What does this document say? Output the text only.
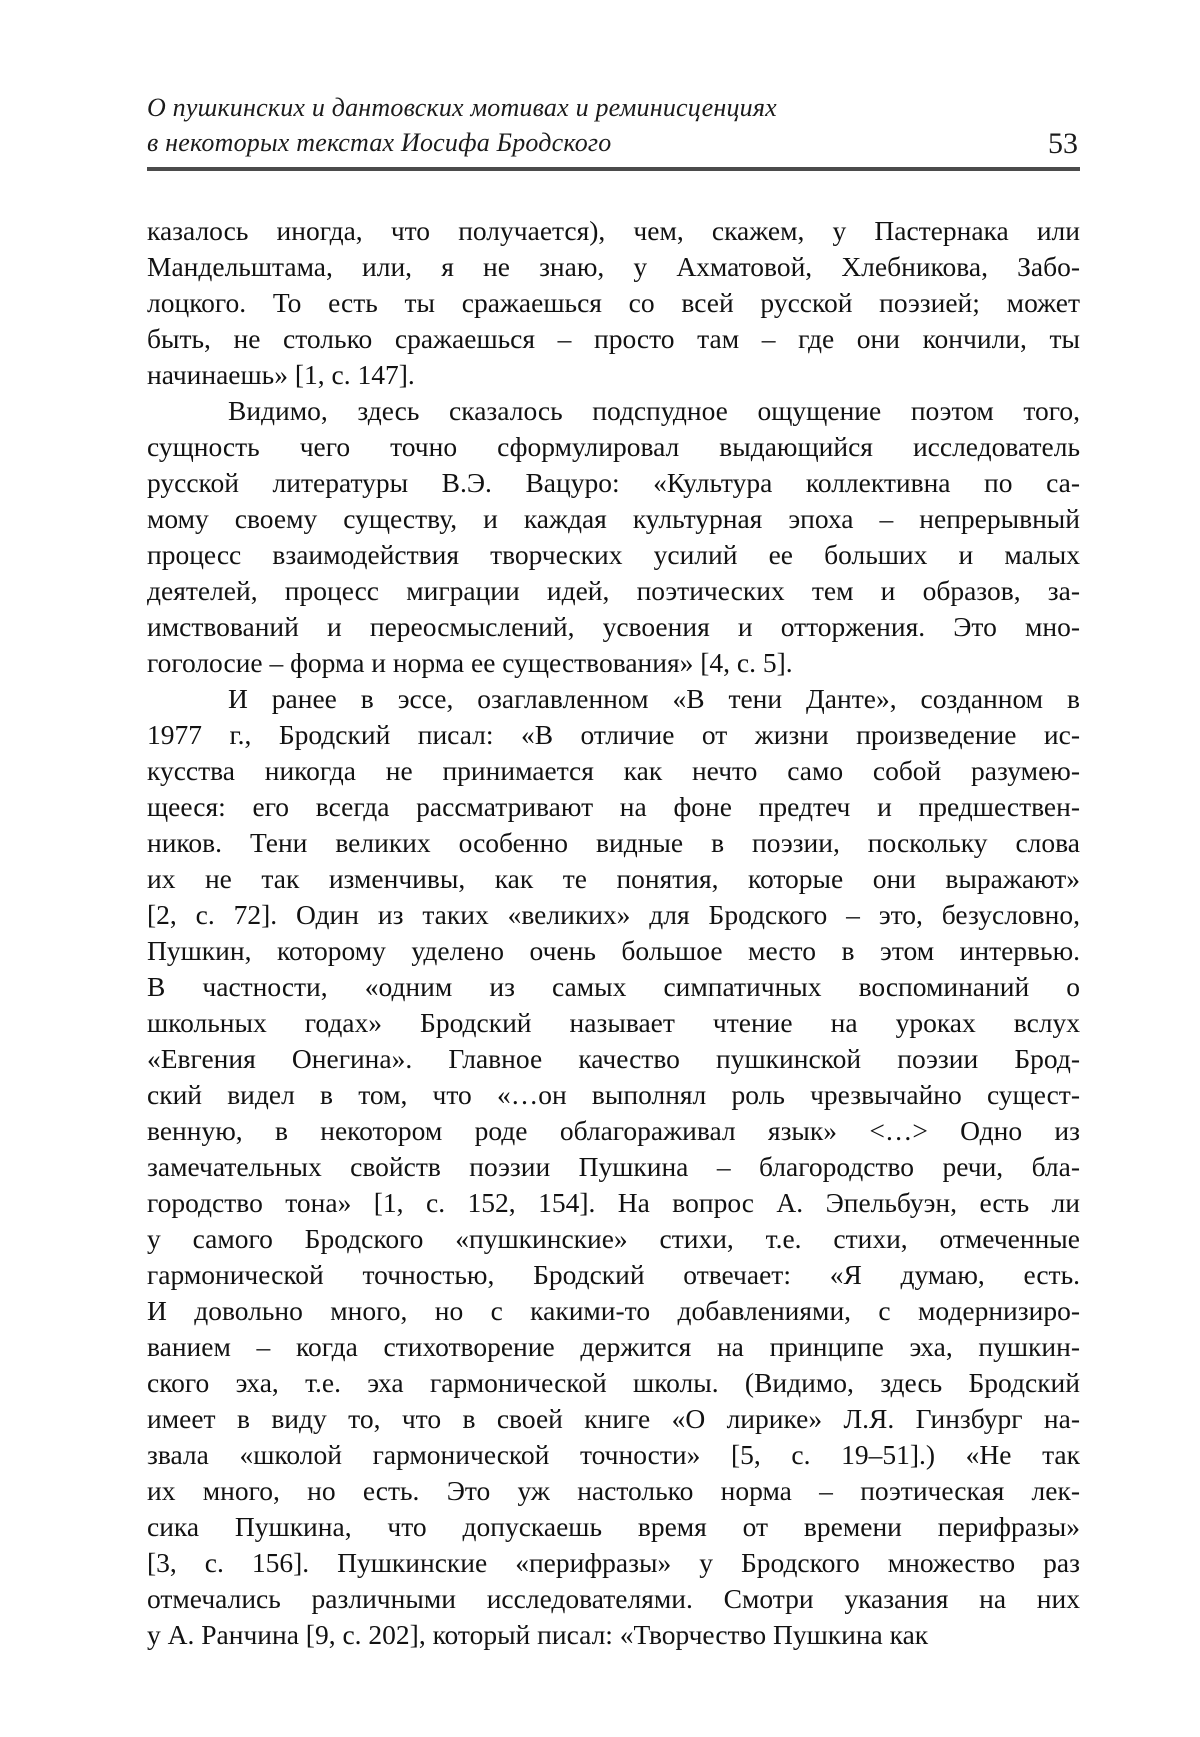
О пушкинских и дантовских мотивах и реминисценциях
в некоторых текстах Иосифа Бродского	53
казалось иногда, что получается), чем, скажем, у Пастернака или
Мандельштама, или, я не знаю, у Ахматовой, Хлебникова, Забо-
лоцкого. То есть ты сражаешься со всей русской поэзией; может
быть, не столько сражаешься – просто там – где они кончили, ты
начинаешь» [1, с. 147].
Видимо, здесь сказалось подспудное ощущение поэтом того,
сущность чего точно сформулировал выдающийся исследователь
русской литературы В.Э. Вацуро: «Культура коллективна по са-
мому своему существу, и каждая культурная эпоха – непрерывный
процесс взаимодействия творческих усилий ее больших и малых
деятелей, процесс миграции идей, поэтических тем и образов, за-
имствований и переосмыслений, усвоения и отторжения. Это мно-
гоголосие – форма и норма ее существования» [4, с. 5].
И ранее в эссе, озаглавленном «В тени Данте», созданном в
1977 г., Бродский писал: «В отличие от жизни произведение ис-
кусства никогда не принимается как нечто само собой разумею-
щееся: его всегда рассматривают на фоне предтеч и предшествен-
ников. Тени великих особенно видные в поэзии, поскольку слова
их не так изменчивы, как те понятия, которые они выражают»
[2, с. 72]. Один из таких «великих» для Бродского – это, безусловно,
Пушкин, которому уделено очень большое место в этом интервью.
В частности, «одним из самых симпатичных воспоминаний о
школьных годах» Бродский называет чтение на уроках вслух
«Евгения Онегина». Главное качество пушкинской поэзии Брод-
ский видел в том, что «…он выполнял роль чрезвычайно сущест-
венную, в некотором роде облагораживал язык» <…> Одно из
замечательных свойств поэзии Пушкина – благородство речи, бла-
городство тона» [1, с. 152, 154]. На вопрос А. Эпельбуэн, есть ли
у самого Бродского «пушкинские» стихи, т.е. стихи, отмеченные
гармонической точностью, Бродский отвечает: «Я думаю, есть.
И довольно много, но с какими-то добавлениями, с модернизиро-
ванием – когда стихотворение держится на принципе эха, пушкин-
ского эха, т.е. эха гармонической школы. (Видимо, здесь Бродский
имеет в виду то, что в своей книге «О лирике» Л.Я. Гинзбург на-
звала «школой гармонической точности» [5, с. 19–51].) «Не так
их много, но есть. Это уж настолько норма – поэтическая лек-
сика Пушкина, что допускаешь время от времени перифразы»
[3, с. 156]. Пушкинские «перифразы» у Бродского множество раз
отмечались различными исследователями. Смотри указания на них
у А. Ранчина [9, с. 202], который писал: «Творчество Пушкина как
